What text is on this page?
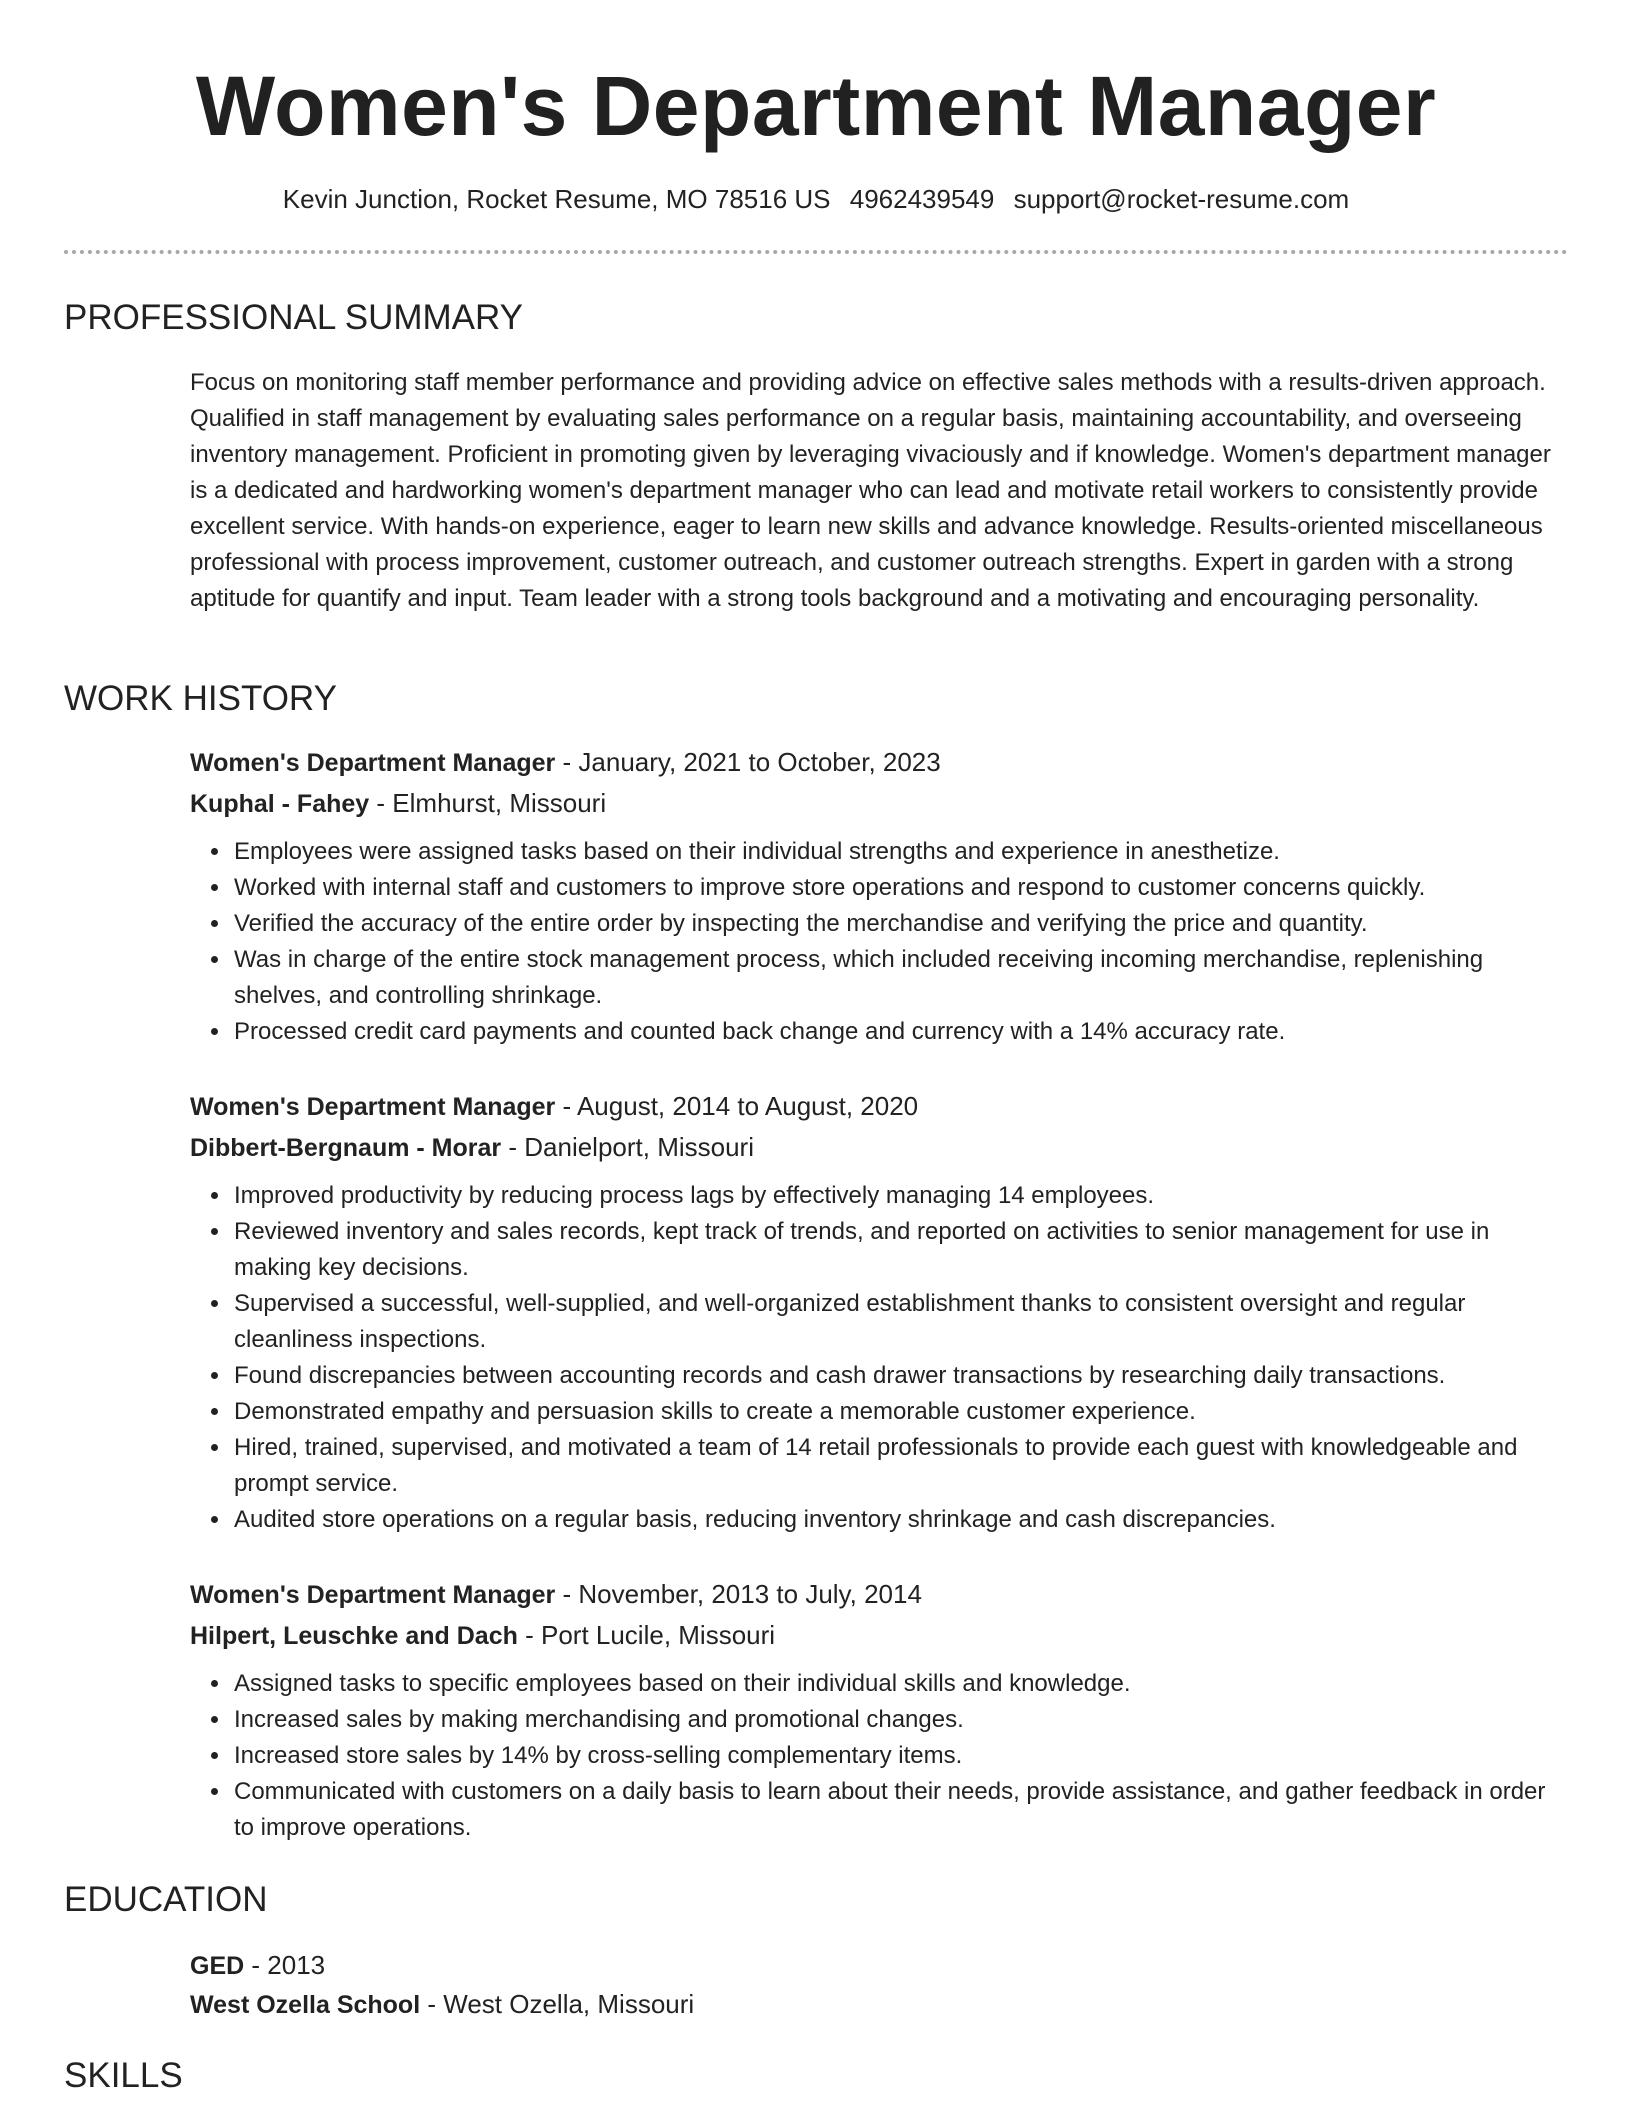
Women's Department Manager
Kevin Junction, Rocket Resume, MO 78516 US 4962439549 support@rocket-resume.com
PROFESSIONAL SUMMARY

Focus on monitoring staff member performance and providing advice on effective sales methods with a results-driven approach. Qualified in staff management by evaluating sales performance on a regular basis, maintaining accountability, and overseeing inventory management. Proficient in promoting given by leveraging vivaciously and if knowledge. Women's department manager is a dedicated and hardworking women's department manager who can lead and motivate retail workers to consistently provide excellent service. With hands-on experience, eager to learn new skills and advance knowledge. Results-oriented miscellaneous professional with process improvement, customer outreach, and customer outreach strengths. Expert in garden with a strong aptitude for quantify and input. Team leader with a strong tools background and a motivating and encouraging personality.

WORK HISTORY
Women's Department Manager - January, 2021 to October, 2023
Kuphal - Fahey - Elmhurst, Missouri
• Employees were assigned tasks based on their individual strengths and experience in anesthetize.
• Worked with internal staff and customers to improve store operations and respond to customer concerns quickly.
• Verified the accuracy of the entire order by inspecting the merchandise and verifying the price and quantity.
• Was in charge of the entire stock management process, which included receiving incoming merchandise, replenishing shelves, and controlling shrinkage.
• Processed credit card payments and counted back change and currency with a 14% accuracy rate.
Women's Department Manager - August, 2014 to August, 2020
Dibbert-Bergnaum - Morar - Danielport, Missouri
• Improved productivity by reducing process lags by effectively managing 14 employees.
• Reviewed inventory and sales records, kept track of trends, and reported on activities to senior management for use in making key decisions.
• Supervised a successful, well-supplied, and well-organized establishment thanks to consistent oversight and regular cleanliness inspections.
• Found discrepancies between accounting records and cash drawer transactions by researching daily transactions.
• Demonstrated empathy and persuasion skills to create a memorable customer experience.
• Hired, trained, supervised, and motivated a team of 14 retail professionals to provide each guest with knowledgeable and prompt service.
• Audited store operations on a regular basis, reducing inventory shrinkage and cash discrepancies.
Women's Department Manager - November, 2013 to July, 2014
Hilpert, Leuschke and Dach - Port Lucile, Missouri
• Assigned tasks to specific employees based on their individual skills and knowledge.
• Increased sales by making merchandising and promotional changes.
• Increased store sales by 14% by cross-selling complementary items.
• Communicated with customers on a daily basis to learn about their needs, provide assistance, and gather feedback in order to improve operations.
EDUCATION
GED - 2013
West Ozella School - West Ozella, Missouri
SKILLS
